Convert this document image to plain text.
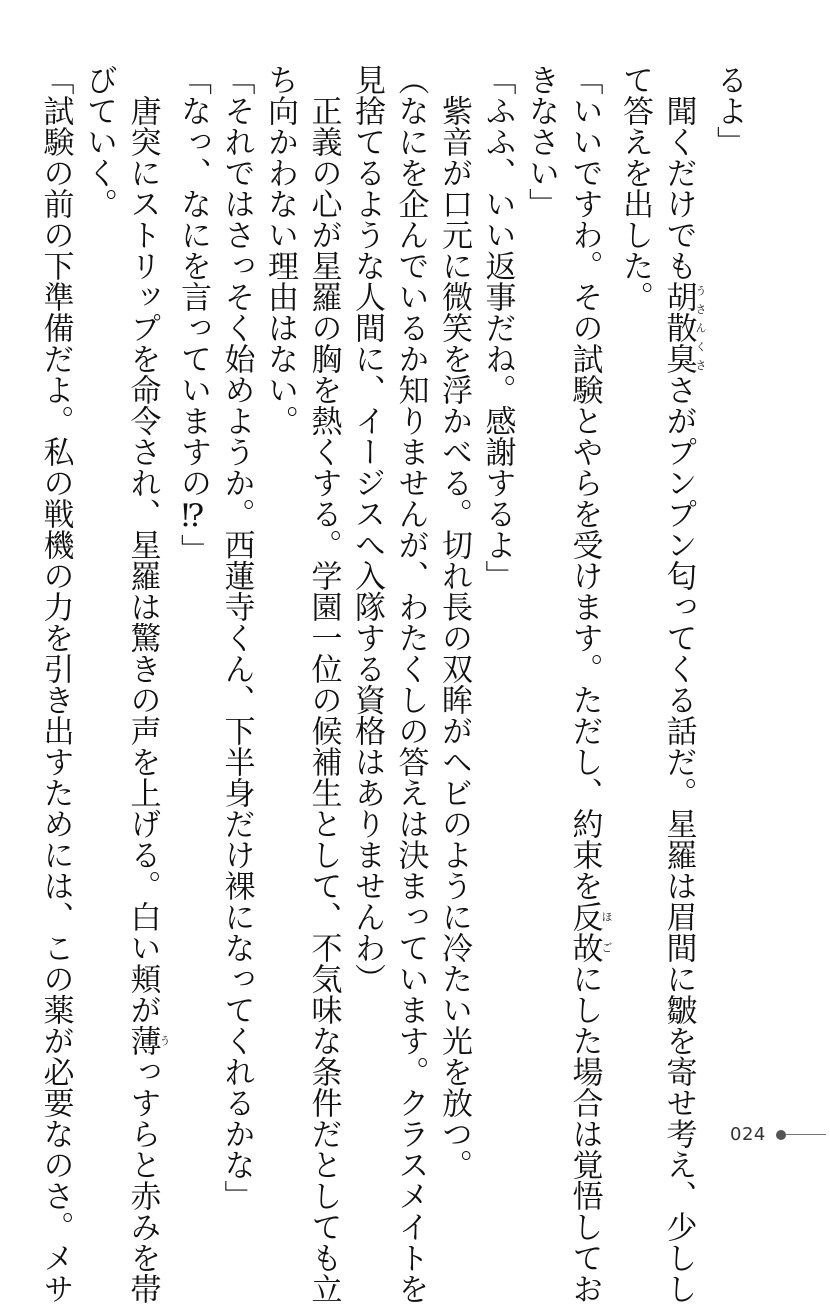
るよ」
　聞くだけでも胡散臭うさんくささがプンプン匂ってくる話だ。星羅は眉間に皺を寄せ考え、少しし
て答えを出した。
「いいですわ。その試験とやらを受けます。ただし、約束を反故ほごにした場合は覚悟してお
きなさい」
「ふふ、いい返事だね。感謝するよ」
　紫音が口元に微笑を浮かべる。切れ長の双眸がヘビのように冷たい光を放つ。
（なにを企んでいるか知りませんが、わたくしの答えは決まっています。クラスメイトを
見捨てるような人間に、イージスへ入隊する資格はありませんわ）
　正義の心が星羅の胸を熱くする。学園一位の候補生として、不気味な条件だとしても立
ち向かわない理由はない。
「それではさっそく始めようか。西蓮寺くん、下半身だけ裸になってくれるかな」
「なっ、なにを言っていますの⁉」
　唐突にストリップを命令され、星羅は驚きの声を上げる。白い頬が薄うっすらと赤みを帯
びていく。
「試験の前の下準備だよ。私の戦機の力を引き出すためには、この薬が必要なのさ。メサ	024
